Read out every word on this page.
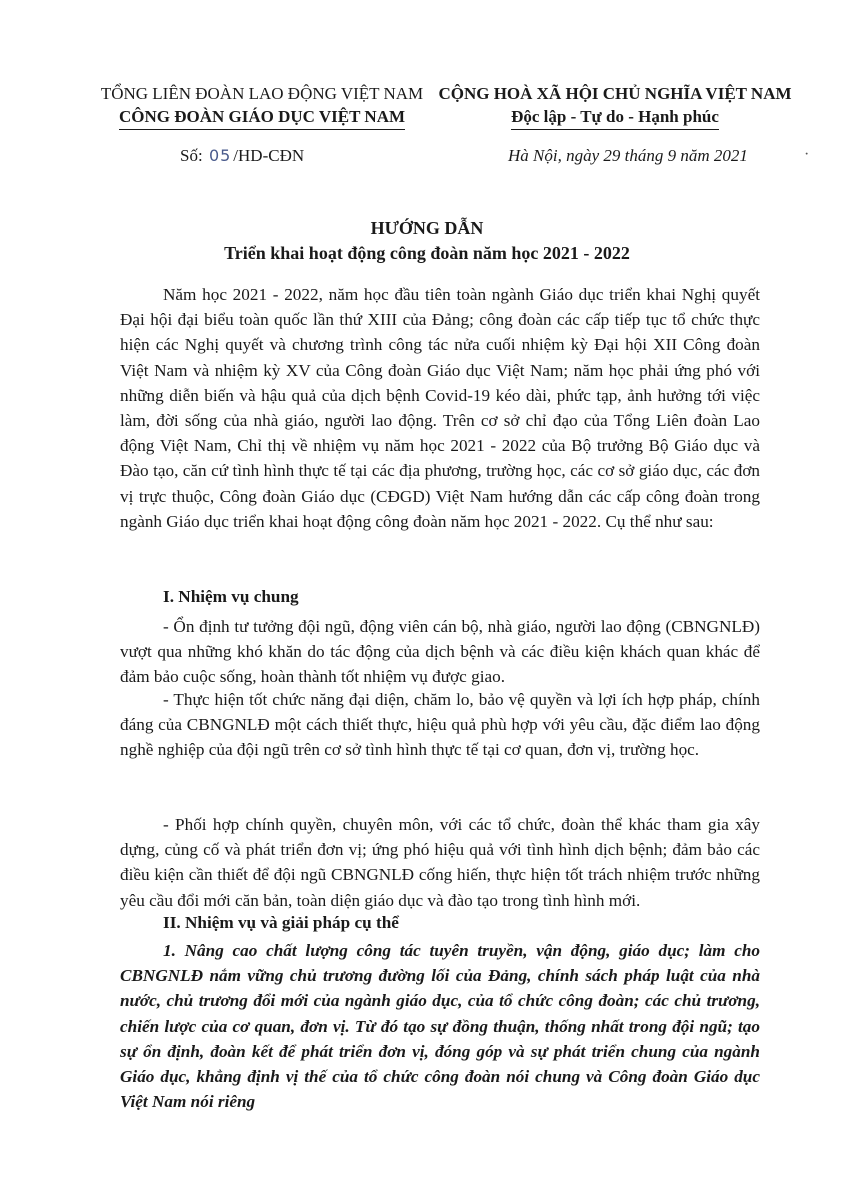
TỔNG LIÊN ĐOÀN LAO ĐỘNG VIỆT NAM
CÔNG ĐOÀN GIÁO DỤC VIỆT NAM
CỘNG HOÀ XÃ HỘI CHỦ NGHĨA VIỆT NAM
Độc lập - Tự do - Hạnh phúc
Số: 05 /HD-CĐN	Hà Nội, ngày 29 tháng 9 năm 2021	·
HƯỚNG DẪN
Triển khai hoạt động công đoàn năm học 2021 - 2022

Năm học 2021 - 2022, năm học đầu tiên toàn ngành Giáo dục triển khai Nghị quyết Đại hội đại biểu toàn quốc lần thứ XIII của Đảng; công đoàn các cấp tiếp tục tổ chức thực hiện các Nghị quyết và chương trình công tác nửa cuối nhiệm kỳ Đại hội XII Công đoàn Việt Nam và nhiệm kỳ XV của Công đoàn Giáo dục Việt Nam; năm học phải ứng phó với những diễn biến và hậu quả của dịch bệnh Covid-19 kéo dài, phức tạp, ảnh hưởng tới việc làm, đời sống của nhà giáo, người lao động. Trên cơ sở chỉ đạo của Tổng Liên đoàn Lao động Việt Nam, Chỉ thị về nhiệm vụ năm học 2021 - 2022 của Bộ trưởng Bộ Giáo dục và Đào tạo, căn cứ tình hình thực tế tại các địa phương, trường học, các cơ sở giáo dục, các đơn vị trực thuộc, Công đoàn Giáo dục (CĐGD) Việt Nam hướng dẫn các cấp công đoàn trong ngành Giáo dục triển khai hoạt động công đoàn năm học 2021 - 2022. Cụ thể như sau:

I. Nhiệm vụ chung

- Ổn định tư tưởng đội ngũ, động viên cán bộ, nhà giáo, người lao động (CBNGNLĐ) vượt qua những khó khăn do tác động của dịch bệnh và các điều kiện khách quan khác để đảm bảo cuộc sống, hoàn thành tốt nhiệm vụ được giao.

- Thực hiện tốt chức năng đại diện, chăm lo, bảo vệ quyền và lợi ích hợp pháp, chính đáng của CBNGNLĐ một cách thiết thực, hiệu quả phù hợp với yêu cầu, đặc điểm lao động nghề nghiệp của đội ngũ trên cơ sở tình hình thực tế tại cơ quan, đơn vị, trường học.

- Phối hợp chính quyền, chuyên môn, với các tổ chức, đoàn thể khác tham gia xây dựng, củng cố và phát triển đơn vị; ứng phó hiệu quả với tình hình dịch bệnh; đảm bảo các điều kiện cần thiết để đội ngũ CBNGNLĐ cống hiến, thực hiện tốt trách nhiệm trước những yêu cầu đổi mới căn bản, toàn diện giáo dục và đào tạo trong tình hình mới.

II. Nhiệm vụ và giải pháp cụ thể

1. Nâng cao chất lượng công tác tuyên truyền, vận động, giáo dục; làm cho CBNGNLĐ nắm vững chủ trương đường lối của Đảng, chính sách pháp luật của nhà nước, chủ trương đổi mới của ngành giáo dục, của tổ chức công đoàn; các chủ trương, chiến lược của cơ quan, đơn vị. Từ đó tạo sự đồng thuận, thống nhất trong đội ngũ; tạo sự ổn định, đoàn kết để phát triển đơn vị, đóng góp và sự phát triển chung của ngành Giáo dục, khẳng định vị thế của tổ chức công đoàn nói chung và Công đoàn Giáo dục Việt Nam nói riêng
